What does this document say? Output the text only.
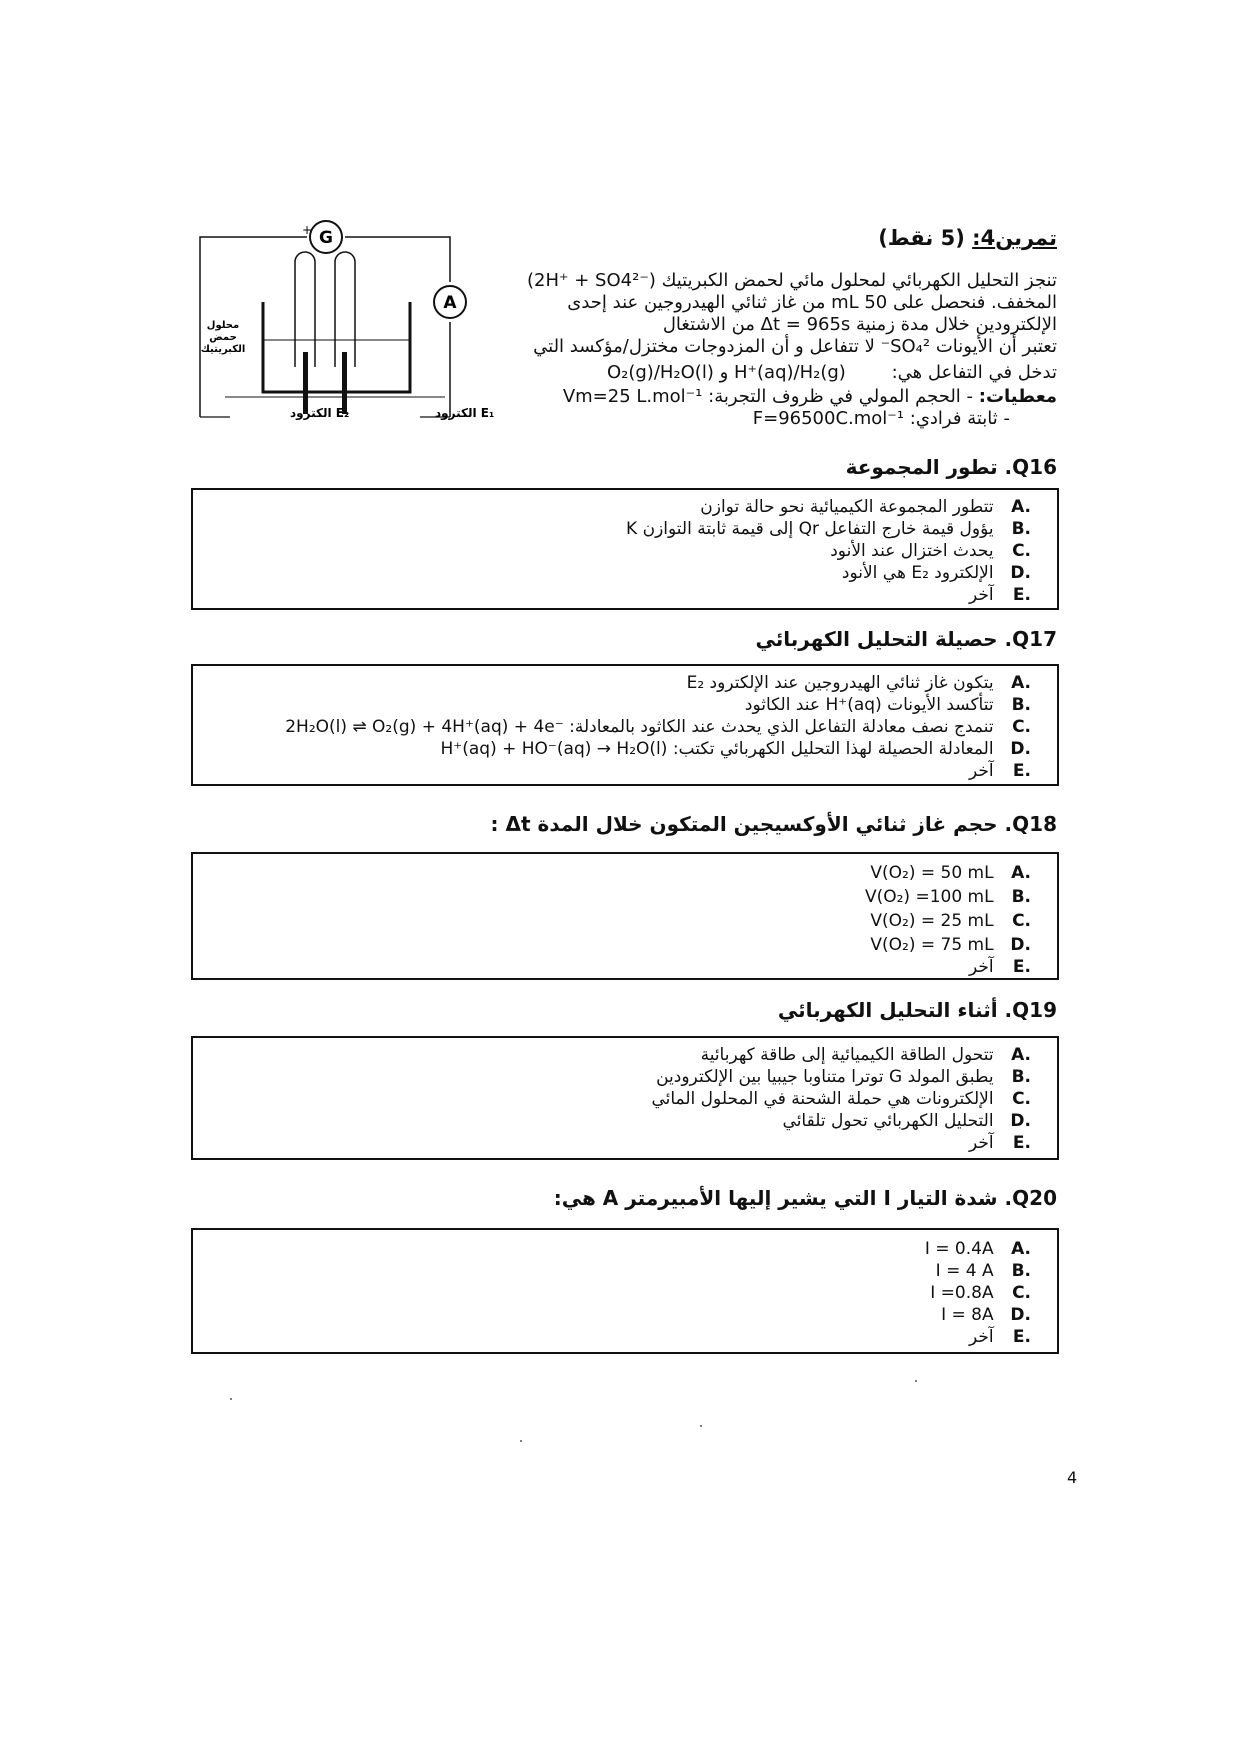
G
+
A
محلول
حمض
الكبريتيك
E₂ الكترود	E₁ الكترود
تمرين4: (5 نقط)
تنجز التحليل الكهربائي لمحلول مائي لحمض الكبريتيك (2H⁺ + SO4²⁻)
المخفف. فنحصل على 50 mL من غاز ثنائي الهيدروجين عند إحدى
الإلكترودين خلال مدة زمنية Δt = 965s من الاشتغال
تعتبر أن الأيونات SO₄²⁻ لا تتفاعل و أن المزدوجات مختزل/مؤكسد التي
تدخل في التفاعل هي: O₂(g)/H₂O(l) و H⁺(aq)/H₂(g)
معطيات: - الحجم المولي في ظروف التجربة: Vm=25 L.mol⁻¹
- ثابتة فرادي: F=96500C.mol⁻¹
Q16. تطور المجموعة
A. تتطور المجموعة الكيميائية نحو حالة توازن
B. يؤول قيمة خارج التفاعل Qr إلى قيمة ثابتة التوازن K
C. يحدث اختزال عند الأنود
D. الإلكترود E₂ هي الأنود
E. آخر
Q17. حصيلة التحليل الكهربائي
A. يتكون غاز ثنائي الهيدروجين عند الإلكترود E₂
B. تتأكسد الأيونات H⁺(aq) عند الكاثود
C. تنمدج نصف معادلة التفاعل الذي يحدث عند الكاثود بالمعادلة: 2H₂O(l) ⇌ O₂(g) + 4H⁺(aq) + 4e⁻
D. المعادلة الحصيلة لهذا التحليل الكهربائي تكتب: H⁺(aq) + HO⁻(aq) → H₂O(l)
E. آخر
Q18. حجم غاز ثنائي الأوكسيجين المتكون خلال المدة Δt :
A. V(O₂) = 50 mL
B. V(O₂) =100 mL
C. V(O₂) = 25 mL
D. V(O₂) = 75 mL
E. آخر
Q19. أثناء التحليل الكهربائي
A. تتحول الطاقة الكيميائية إلى طاقة كهربائية
B. يطبق المولد G توترا متناوبا جيبيا بين الإلكترودين
C. الإلكترونات هي حملة الشحنة في المحلول المائي
D. التحليل الكهربائي تحول تلقائي
E. آخر
Q20. شدة التيار I التي يشير إليها الأمبيرمتر A هي:
A. I = 0.4A
B. I = 4 A
C. I =0.8A
D. I = 8A
E. آخر
4
